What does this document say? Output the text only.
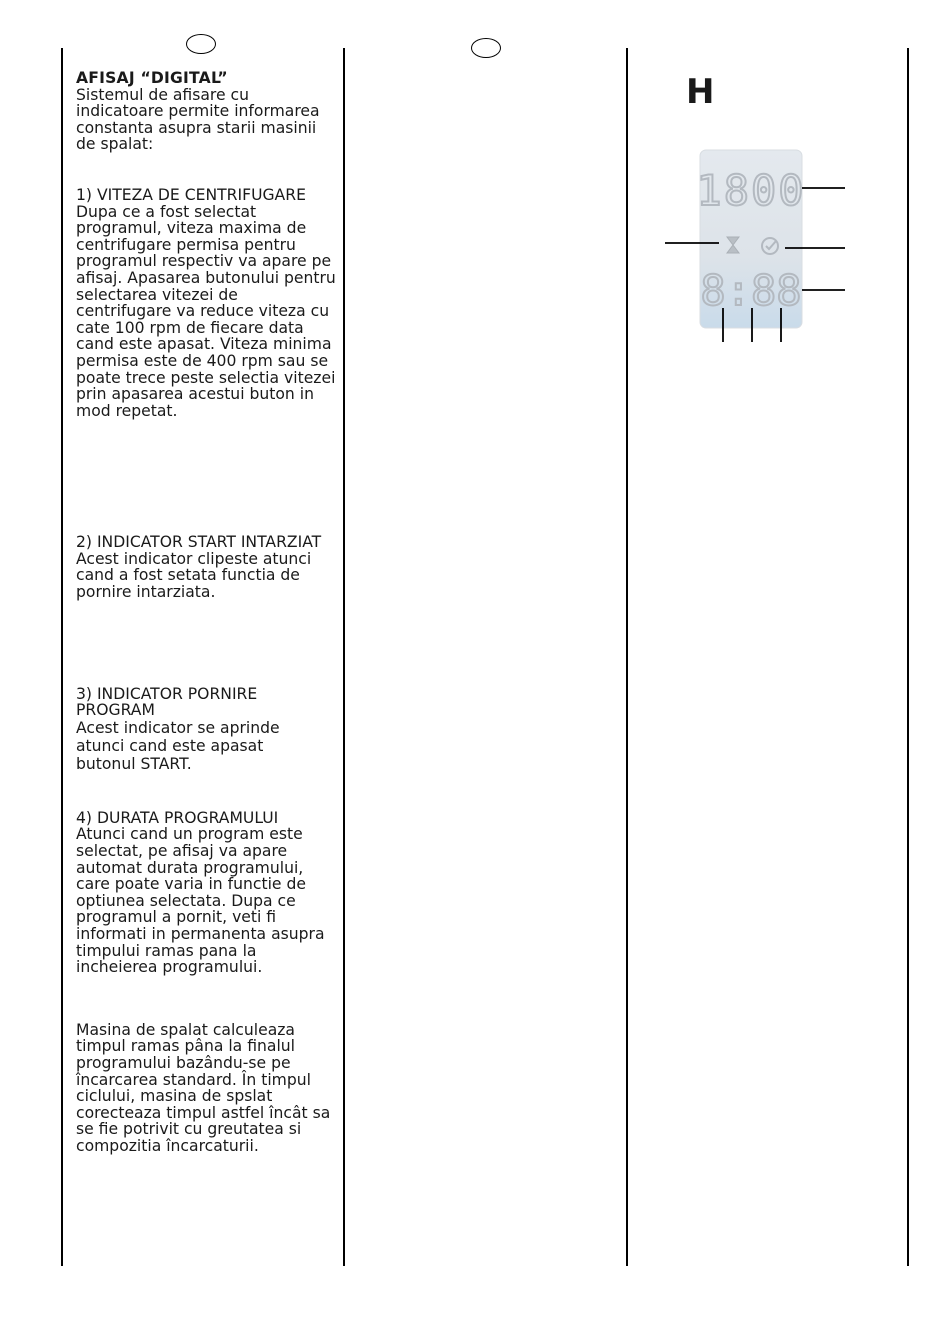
AFISAJ “DIGITAL”

Sistemul de afisare cu indicatoare permite informarea constanta asupra starii masinii de spalat:

1) VITEZA DE CENTRIFUGARE

Dupa ce a fost selectat programul, viteza maxima de centrifugare permisa pentru programul respectiv va apare pe afisaj. Apasarea butonului pentru selectarea vitezei de centrifugare va reduce viteza cu cate 100 rpm de fiecare data cand este apasat. Viteza minima permisa este de 400 rpm sau se poate trece peste selectia vitezei prin apasarea acestui buton in mod repetat.

2) INDICATOR START INTARZIAT

Acest indicator clipeste atunci cand a fost setata functia de pornire intarziata.

3) INDICATOR PORNIRE PROGRAM

Acest indicator se aprinde atunci cand este apasat butonul START.

4) DURATA PROGRAMULUI

Atunci cand un program este selectat, pe afisaj va apare automat durata programului, care poate varia in functie de optiunea selectata. Dupa ce programul a pornit, veti fi informati in permanenta asupra timpului ramas pana la incheierea programului.

Masina de spalat calculeaza timpul ramas pâna la finalul programului bazându-se pe încarcarea standard. În timpul ciclului, masina de spslat corecteaza timpul astfel încât sa se fie potrivit cu greutatea si compozitia încarcaturii.

H
1800
8:88
